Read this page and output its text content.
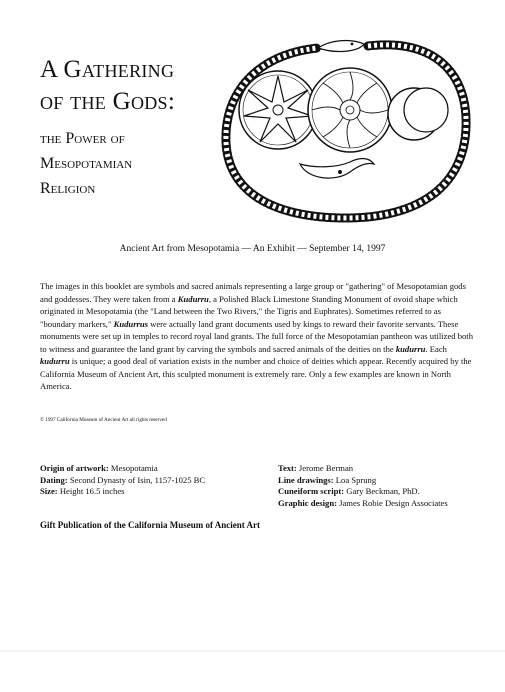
A Gathering
of the Gods:
the Power of
Mesopotamian
Religion
Ancient Art from Mesopotamia — An Exhibit — September 14, 1997

The images in this booklet are symbols and sacred animals representing a large group or "gathering" of Mesopotamian gods and goddesses. They were taken from a Kudurru, a Polished Black Limestone Standing Monument of ovoid shape which originated in Mesopotamia (the "Land between the Two Rivers," the Tigris and Euphrates). Sometimes referred to as "boundary markers," Kudurrus were actually land grant documents used by kings to reward their favorite servants. These monuments were set up in temples to record royal land grants. The full force of the Mesopotamian pantheon was utilized both to witness and guarantee the land grant by carving the symbols and sacred animals of the deities on the kudurru. Each kudurru is unique; a good deal of variation exists in the number and choice of deities which appear. Recently acquired by the California Museum of Ancient Art, this sculpted monument is extremely rare. Only a few examples are known in North America.

© 1997 California Museum of Ancient Art all rights reserved
Origin of artwork: Mesopotamia
Dating: Second Dynasty of Isin, 1157-1025 BC
Size: Height 16.5 inches
Text: Jerome Berman
Line drawings: Loa Sprung
Cuneiform script: Gary Beckman, PhD.
Graphic design: James Robie Design Associates
Gift Publication of the California Museum of Ancient Art
